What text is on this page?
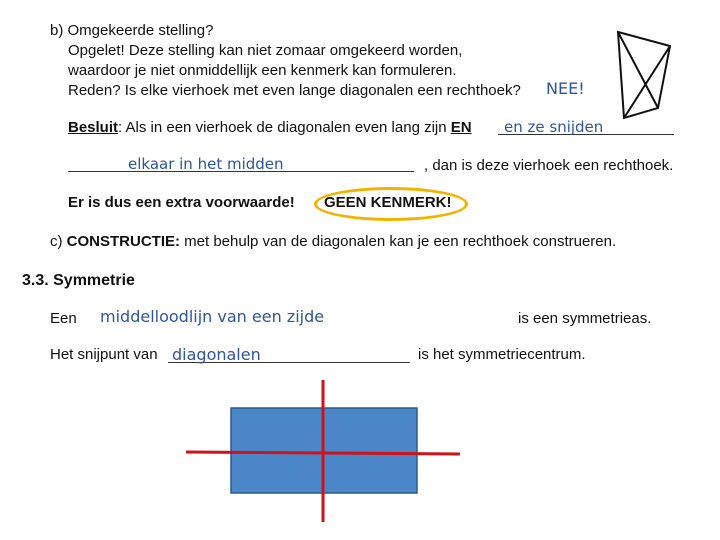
b) Omgekeerde stelling?
Opgelet! Deze stelling kan niet zomaar omgekeerd worden,
waardoor je niet onmiddellijk een kenmerk kan formuleren.
Reden? Is elke vierhoek met even lange diagonalen een rechthoek? NEE!
Besluit: Als in een vierhoek de diagonalen even lang zijn EN en ze snijden
elkaar in het midden	, dan is deze vierhoek een rechthoek.
Er is dus een extra voorwaarde! GEEN KENMERK!
c) CONSTRUCTIE: met behulp van de diagonalen kan je een rechthoek construeren.
3.3. Symmetrie
Een middelloodlijn van een zijde	is een symmetrieas.
Het snijpunt van diagonalen	is het symmetriecentrum.
